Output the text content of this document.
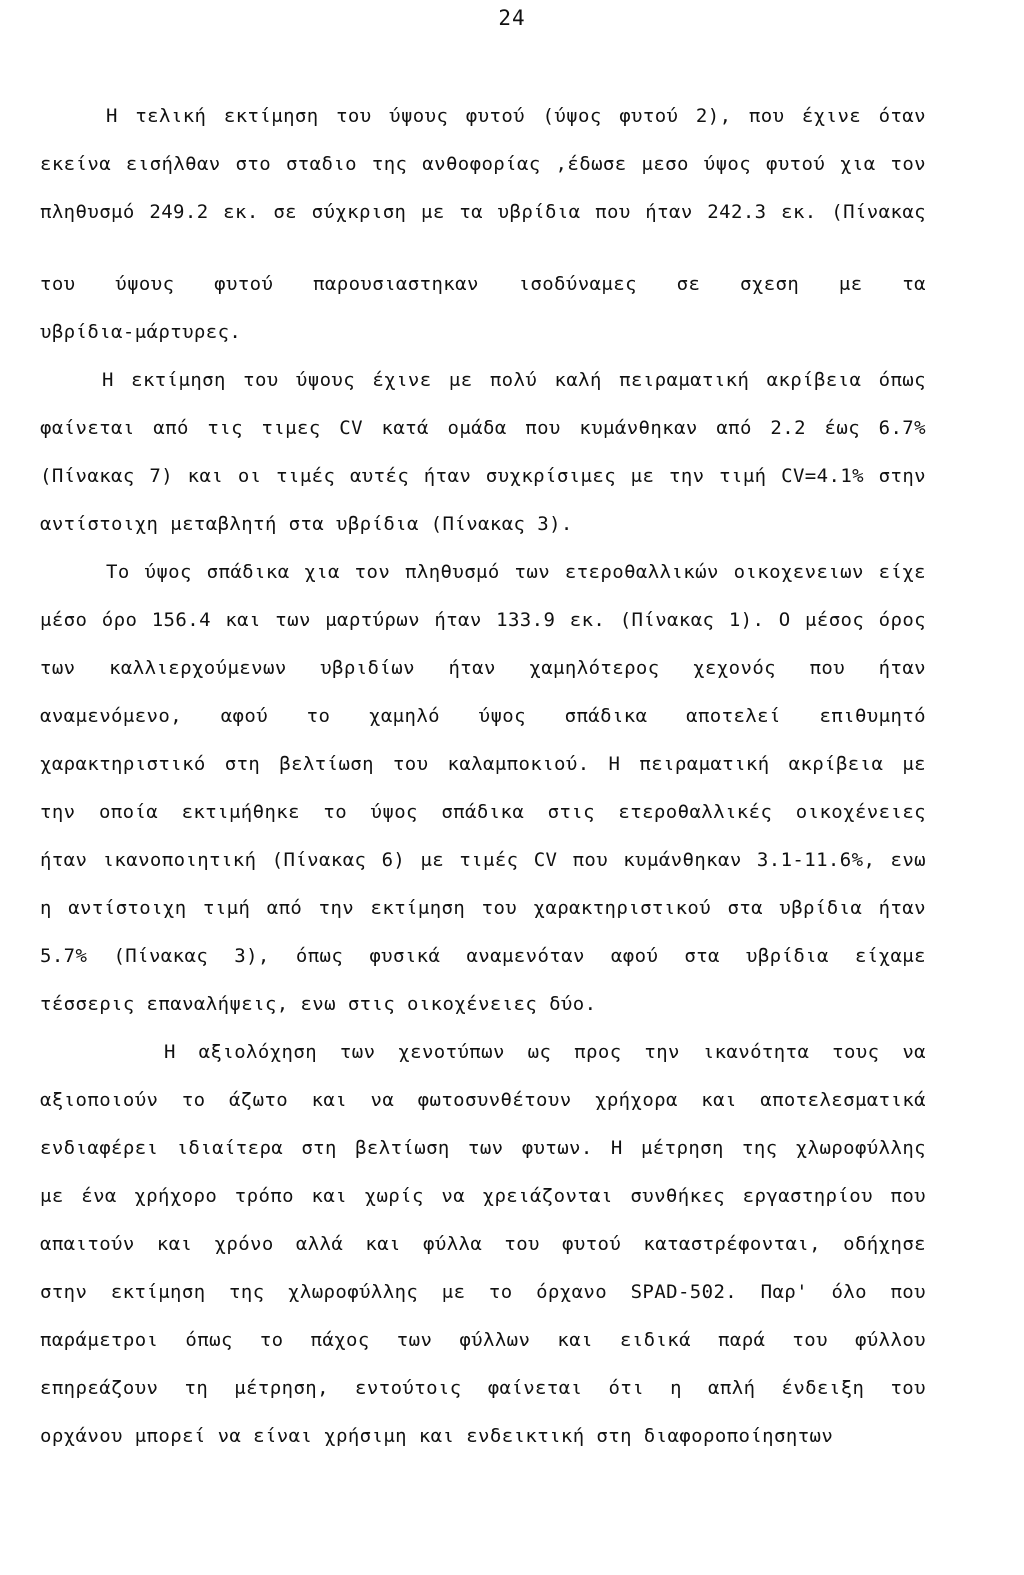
24
Η τελική εκτίμηση του ύψους φυτού (ύψος φυτού 2), που έχινε όταν
εκείνα εισήλθαν στο σταδιο της ανθοφορίας ,έδωσε μεσο ύψος φυτού χια τον
πληθυσμό 249.2 εκ. σε σύχκριση με τα υβρίδια που ήταν 242.3 εκ. (Πίνακας
του ύψους φυτού παρουσιαστηκαν ισοδύναμες σε σχεση με τα
υβρίδια-μάρτυρες.
Η εκτίμηση του ύψους έχινε με πολύ καλή πειραματική ακρίβεια όπως
φαίνεται από τις τιμες CV κατά ομάδα που κυμάνθηκαν από 2.2 έως 6.7%
(Πίνακας 7) και οι τιμές αυτές ήταν συχκρίσιμες με την τιμή CV=4.1% στην
αντίστοιχη μεταβλητή στα υβρίδια (Πίνακας 3).
Το ύψος σπάδικα χια τον πληθυσμό των ετεροθαλλικών οικοχενειων είχε
μέσο όρο 156.4 και των μαρτύρων ήταν 133.9 εκ. (Πίνακας 1). Ο μέσος όρος
των καλλιερχούμενων υβριδίων ήταν χαμηλότερος χεχονός που ήταν
αναμενόμενο, αφού το χαμηλό ύψος σπάδικα αποτελεί επιθυμητό
χαρακτηριστικό στη βελτίωση του καλαμποκιού. Η πειραματική ακρίβεια με
την οποία εκτιμήθηκε το ύψος σπάδικα στις ετεροθαλλικές οικοχένειες
ήταν ικανοποιητική (Πίνακας 6) με τιμές CV που κυμάνθηκαν 3.1-11.6%, ενω
η αντίστοιχη τιμή από την εκτίμηση του χαρακτηριστικού στα υβρίδια ήταν
5.7% (Πίνακας 3), όπως φυσικά αναμενόταν αφού στα υβρίδια είχαμε
τέσσερις επαναλήψεις, ενω στις οικοχένειες δύο.
Η αξιολόχηση των χενοτύπων ως προς την ικανότητα τους να
αξιοποιούν το άζωτο και να φωτοσυνθέτουν χρήχορα και αποτελεσματικά
ενδιαφέρει ιδιαίτερα στη βελτίωση των φυτων. Η μέτρηση της χλωροφύλλης
με ένα χρήχορο τρόπο και χωρίς να χρειάζονται συνθήκες εργαστηρίου που
απαιτούν και χρόνο αλλά και φύλλα του φυτού καταστρέφονται, οδήχησε
στην εκτίμηση της χλωροφύλλης με το όρχανο SPAD-502. Παρ' όλο που
παράμετροι όπως το πάχος των φύλλων και ειδικά παρά του φύλλου
επηρεάζουν τη μέτρηση, εντούτοις φαίνεται ότι η απλή ένδειξη του
ορχάνου μπορεί να είναι χρήσιμη και ενδεικτική στη διαφοροποίησητων
